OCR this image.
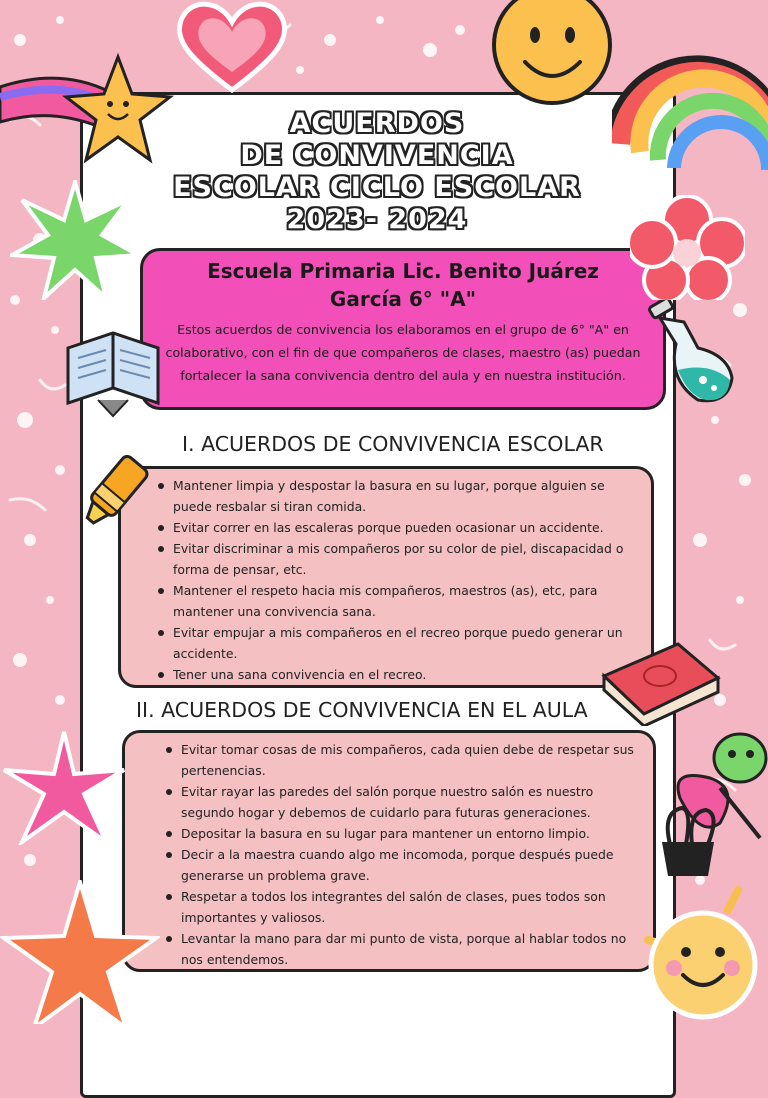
ACUERDOS
DE CONVIVENCIA
ESCOLAR CICLO ESCOLAR
2023- 2024
Escuela Primaria Lic. Benito Juárez
García 6° "A"
Estos acuerdos de convivencia los elaboramos en el grupo de 6° "A" en colaborativo, con el fin de que compañeros de clases, maestro (as) puedan fortalecer la sana convivencia dentro del aula y en nuestra institución.
I. ACUERDOS DE CONVIVENCIA ESCOLAR
Mantener limpia y despostar la basura en su lugar, porque alguien se puede resbalar si tiran comida.
Evitar correr en las escaleras porque pueden ocasionar un accidente.
Evitar discriminar a mis compañeros por su color de piel, discapacidad o forma de pensar, etc.
Mantener el respeto hacia mis compañeros, maestros (as), etc, para mantener una convivencia sana.
Evitar empujar a mis compañeros en el recreo porque puedo generar un accidente.
Tener una sana convivencia en el recreo.
II. ACUERDOS DE CONVIVENCIA EN EL AULA
Evitar tomar cosas de mis compañeros, cada quien debe de respetar sus pertenencias.
Evitar rayar las paredes del salón porque nuestro salón es nuestro segundo hogar y debemos de cuidarlo para futuras generaciones.
Depositar la basura en su lugar para mantener un entorno limpio.
Decir a la maestra cuando algo me incomoda, porque después puede generarse un problema grave.
Respetar a todos los integrantes del salón de clases, pues todos son importantes y valiosos.
Levantar la mano para dar mi punto de vista, porque al hablar todos no nos entendemos.
